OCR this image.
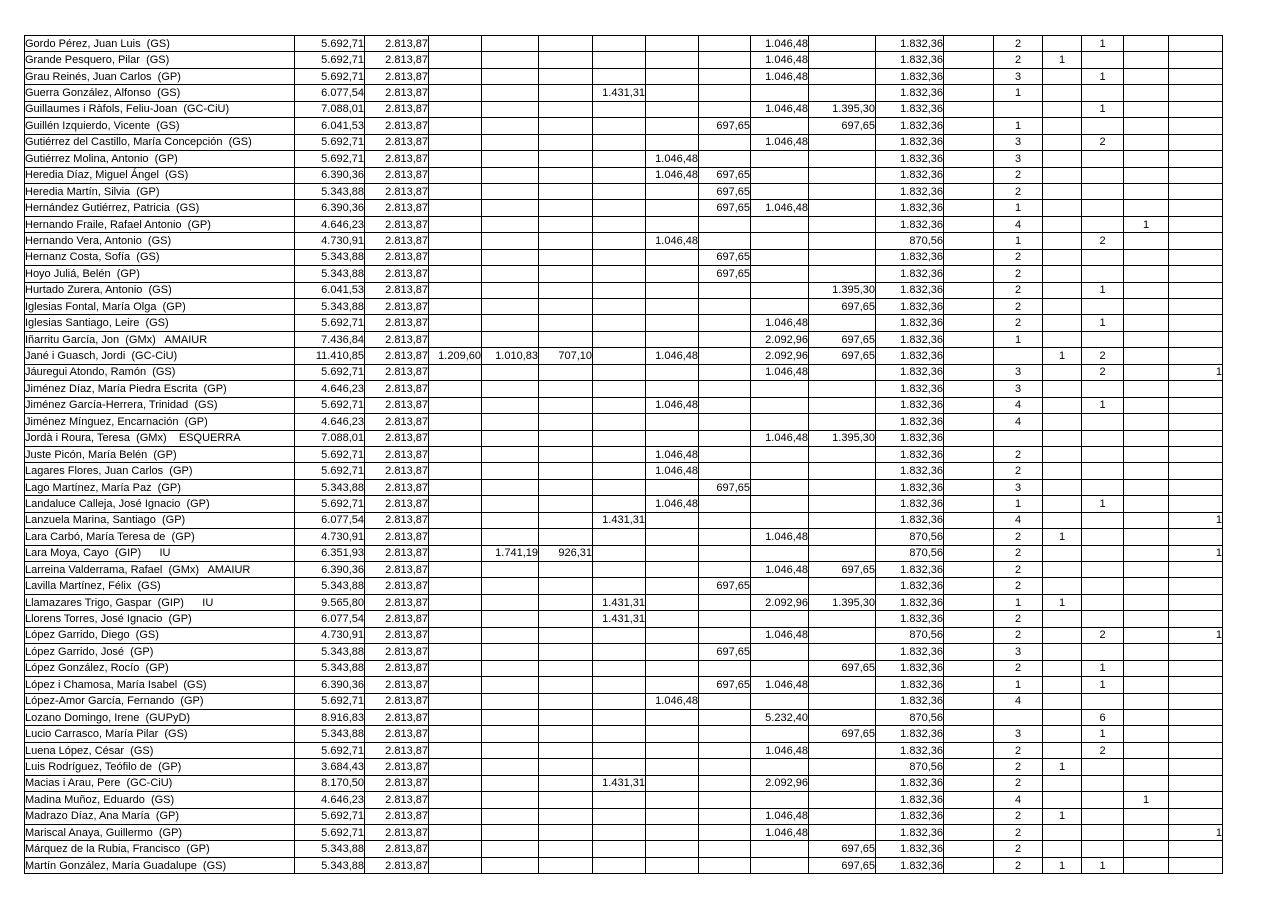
Gordo Pérez, Juan Luis  (GS)	5.692,71	2.813,87							1.046,48		1.832,36		2		1		
Grande Pesquero, Pilar  (GS)	5.692,71	2.813,87							1.046,48		1.832,36		2	1			
Grau Reinés, Juan Carlos  (GP)	5.692,71	2.813,87							1.046,48		1.832,36		3		1		
Guerra González, Alfonso  (GS)	6.077,54	2.813,87				1.431,31					1.832,36		1				
Guillaumes i Ràfols, Feliu-Joan  (GC-CiU)	7.088,01	2.813,87							1.046,48	1.395,30	1.832,36				1		
Guillén Izquierdo, Vicente  (GS)	6.041,53	2.813,87						697,65		697,65	1.832,36		1				
Gutiérrez del Castillo, María Concepción  (GS)	5.692,71	2.813,87							1.046,48		1.832,36		3		2		
Gutiérrez Molina, Antonio  (GP)	5.692,71	2.813,87					1.046,48				1.832,36		3				
Heredia Díaz, Miguel Ángel  (GS)	6.390,36	2.813,87					1.046,48	697,65			1.832,36		2				
Heredia Martín, Silvia  (GP)	5.343,88	2.813,87						697,65			1.832,36		2				
Hernández Gutiérrez, Patricia  (GS)	6.390,36	2.813,87						697,65	1.046,48		1.832,36		1				
Hernando Fraile, Rafael Antonio  (GP)	4.646,23	2.813,87									1.832,36		4			1	
Hernando Vera, Antonio  (GS)	4.730,91	2.813,87					1.046,48				870,56		1		2		
Hernanz Costa, Sofía  (GS)	5.343,88	2.813,87						697,65			1.832,36		2				
Hoyo Juliá, Belén  (GP)	5.343,88	2.813,87						697,65			1.832,36		2				
Hurtado Zurera, Antonio  (GS)	6.041,53	2.813,87								1.395,30	1.832,36		2		1		
Iglesias Fontal, María Olga  (GP)	5.343,88	2.813,87								697,65	1.832,36		2				
Iglesias Santiago, Leire  (GS)	5.692,71	2.813,87							1.046,48		1.832,36		2		1		
Iñarritu García, Jon  (GMx)   AMAIUR	7.436,84	2.813,87							2.092,96	697,65	1.832,36		1				
Jané i Guasch, Jordi  (GC-CiU)	11.410,85	2.813,87	1.209,60	1.010,83	707,10		1.046,48		2.092,96	697,65	1.832,36			1	2		
Jáuregui Atondo, Ramón  (GS)	5.692,71	2.813,87							1.046,48		1.832,36		3		2		1
Jiménez Díaz, María Piedra Escrita  (GP)	4.646,23	2.813,87									1.832,36		3				
Jiménez García-Herrera, Trinidad  (GS)	5.692,71	2.813,87					1.046,48				1.832,36		4		1		
Jiménez Mínguez, Encarnación  (GP)	4.646,23	2.813,87									1.832,36		4				
Jordà i Roura, Teresa  (GMx)    ESQUERRA	7.088,01	2.813,87							1.046,48	1.395,30	1.832,36						
Juste Picón, María Belén  (GP)	5.692,71	2.813,87					1.046,48				1.832,36		2				
Lagares Flores, Juan Carlos  (GP)	5.692,71	2.813,87					1.046,48				1.832,36		2				
Lago Martínez, María Paz  (GP)	5.343,88	2.813,87						697,65			1.832,36		3				
Landaluce Calleja, José Ignacio  (GP)	5.692,71	2.813,87					1.046,48				1.832,36		1		1		
Lanzuela Marina, Santiago  (GP)	6.077,54	2.813,87				1.431,31					1.832,36		4				1
Lara Carbó, María Teresa de  (GP)	4.730,91	2.813,87							1.046,48		870,56		2	1			
Lara Moya, Cayo  (GIP)      IU	6.351,93	2.813,87		1.741,19	926,31						870,56		2				1
Larreina Valderrama, Rafael  (GMx)   AMAIUR	6.390,36	2.813,87							1.046,48	697,65	1.832,36		2				
Lavilla Martínez, Félix  (GS)	5.343,88	2.813,87						697,65			1.832,36		2				
Llamazares Trigo, Gaspar  (GIP)      IU	9.565,80	2.813,87				1.431,31			2.092,96	1.395,30	1.832,36		1	1			
Llorens Torres, José Ignacio  (GP)	6.077,54	2.813,87				1.431,31					1.832,36		2				
López Garrido, Diego  (GS)	4.730,91	2.813,87							1.046,48		870,56		2		2		1
López Garrido, José  (GP)	5.343,88	2.813,87						697,65			1.832,36		3				
López González, Rocío  (GP)	5.343,88	2.813,87								697,65	1.832,36		2		1		
López i Chamosa, María Isabel  (GS)	6.390,36	2.813,87						697,65	1.046,48		1.832,36		1		1		
López-Amor García, Fernando  (GP)	5.692,71	2.813,87					1.046,48				1.832,36		4				
Lozano Domingo, Irene  (GUPyD)	8.916,83	2.813,87							5.232,40		870,56				6		
Lucio Carrasco, María Pilar  (GS)	5.343,88	2.813,87								697,65	1.832,36		3		1		
Luena López, César  (GS)	5.692,71	2.813,87							1.046,48		1.832,36		2		2		
Luis Rodríguez, Teófilo de  (GP)	3.684,43	2.813,87									870,56		2	1			
Macias i Arau, Pere  (GC-CiU)	8.170,50	2.813,87				1.431,31			2.092,96		1.832,36		2				
Madina Muñoz, Eduardo  (GS)	4.646,23	2.813,87									1.832,36		4			1	
Madrazo Díaz, Ana María  (GP)	5.692,71	2.813,87							1.046,48		1.832,36		2	1			
Mariscal Anaya, Guillermo  (GP)	5.692,71	2.813,87							1.046,48		1.832,36		2				1
Márquez de la Rubia, Francisco  (GP)	5.343,88	2.813,87								697,65	1.832,36		2				
Martín González, María Guadalupe  (GS)	5.343,88	2.813,87								697,65	1.832,36		2	1	1		
